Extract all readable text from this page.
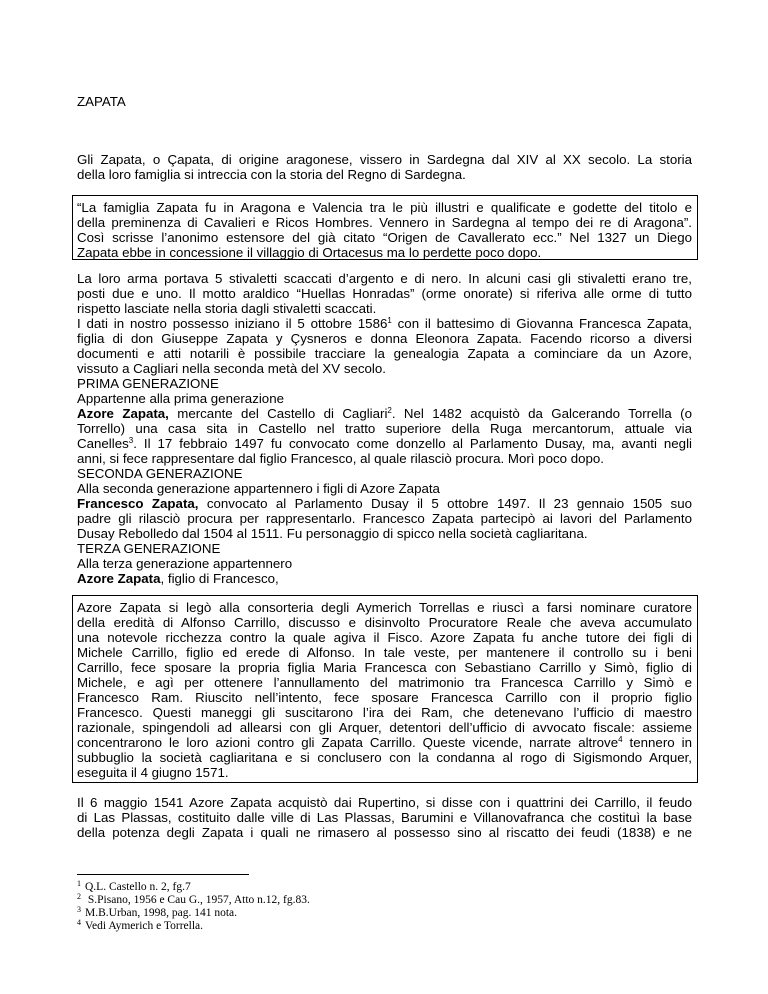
ZAPATA
Gli Zapata, o Çapata, di origine aragonese, vissero in Sardegna dal XIV al XX secolo. La storia
della loro famiglia si intreccia con la storia del Regno di Sardegna.
“La famiglia Zapata fu in Aragona e Valencia tra le più illustri e qualificate e godette del titolo e
della preminenza di Cavalieri e Ricos Hombres. Vennero in Sardegna al tempo dei re di Aragona”.
Così scrisse l’anonimo estensore del già citato “Origen de Cavallerato ecc.” Nel 1327 un Diego
Zapata ebbe in concessione il villaggio di Ortacesus ma lo perdette poco dopo.
La loro arma portava 5 stivaletti scaccati d’argento e di nero. In alcuni casi gli stivaletti erano tre,
posti due e uno. Il motto araldico “Huellas Honradas” (orme onorate) si riferiva alle orme di tutto
rispetto lasciate nella storia dagli stivaletti scaccati.
I dati in nostro possesso iniziano il 5 ottobre 1586$^1$ con il battesimo di Giovanna Francesca Zapata,
figlia di don Giuseppe Zapata y Çysneros e donna Eleonora Zapata. Facendo ricorso a diversi
documenti e atti notarili è possibile tracciare la genealogia Zapata a cominciare da un Azore,
vissuto a Cagliari nella seconda metà del XV secolo.
PRIMA GENERAZIONE
Appartenne alla prima generazione
Azore Zapata, mercante del Castello di Cagliari$^2$. Nel 1482 acquistò da Galcerando Torrella (o
Torrello) una casa sita in Castello nel tratto superiore della Ruga mercantorum, attuale via
Canelles$^3$. Il 17 febbraio 1497 fu convocato come donzello al Parlamento Dusay, ma, avanti negli
anni, si fece rappresentare dal figlio Francesco, al quale rilasciò procura. Morì poco dopo.
SECONDA GENERAZIONE
Alla seconda generazione appartennero i figli di Azore Zapata
Francesco Zapata, convocato al Parlamento Dusay il 5 ottobre 1497. Il 23 gennaio 1505 suo
padre gli rilasciò procura per rappresentarlo. Francesco Zapata partecipò ai lavori del Parlamento
Dusay Rebolledo dal 1504 al 1511. Fu personaggio di spicco nella società cagliaritana.
TERZA GENERAZIONE
Alla terza generazione appartennero
Azore Zapata, figlio di Francesco,
Azore Zapata si legò alla consorteria degli Aymerich Torrellas e riuscì a farsi nominare curatore
della eredità di Alfonso Carrillo, discusso e disinvolto Procuratore Reale che aveva accumulato
una notevole ricchezza contro la quale agiva il Fisco. Azore Zapata fu anche tutore dei figli di
Michele Carrillo, figlio ed erede di Alfonso. In tale veste, per mantenere il controllo su i beni
Carrillo, fece sposare la propria figlia Maria Francesca con Sebastiano Carrillo y Simò, figlio di
Michele, e agì per ottenere l’annullamento del matrimonio tra Francesca Carrillo y Simò e
Francesco Ram. Riuscito nell’intento, fece sposare Francesca Carrillo con il proprio figlio
Francesco. Questi maneggi gli suscitarono l’ira dei Ram, che detenevano l’ufficio di maestro
razionale, spingendoli ad allearsi con gli Arquer, detentori dell’ufficio di avvocato fiscale: assieme
concentrarono le loro azioni contro gli Zapata Carrillo. Queste vicende, narrate altrove$^4$ tennero in
subbuglio la società cagliaritana e si conclusero con la condanna al rogo di Sigismondo Arquer,
eseguita il 4 giugno 1571.
Il 6 maggio 1541 Azore Zapata acquistò dai Rupertino, si disse con i quattrini dei Carrillo, il feudo
di Las Plassas, costituito dalle ville di Las Plassas, Barumini e Villanovafranca che costituì la base
della potenza degli Zapata i quali ne rimasero al possesso sino al riscatto dei feudi (1838) e ne
$^1$ Q.L. Castello n. 2, fg.7
$^2$ S.Pisano, 1956 e Cau G., 1957, Atto n.12, fg.83.
$^3$ M.B.Urban, 1998, pag. 141 nota.
$^4$ Vedi Aymerich e Torrella.
